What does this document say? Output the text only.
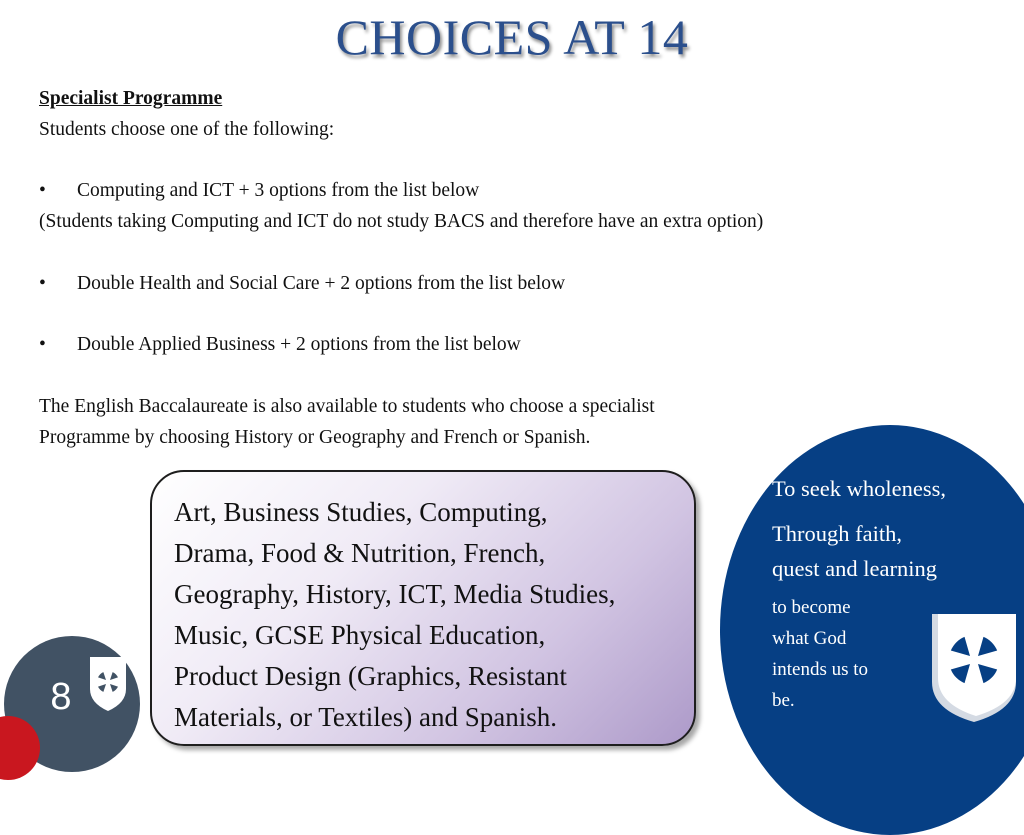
CHOICES AT 14

Specialist Programme

Students choose one of the following:

•	Computing and ICT + 3 options from the list below

(Students taking Computing and ICT do not study BACS and therefore have an extra option)

•	Double Health and Social Care + 2 options from the list below

•	Double Applied Business + 2 options from the list below

The English Baccalaureate is also available to students who choose a specialist

Programme by choosing History or Geography and French or Spanish.

Art, Business Studies, Computing,
Drama, Food & Nutrition, French,
Geography, History, ICT, Media Studies,
Music, GCSE Physical Education,
Product Design (Graphics, Resistant
Materials, or Textiles) and Spanish.
To seek wholeness,
Through faith,
quest and learning
to become
what God
intends us to
be.
8
